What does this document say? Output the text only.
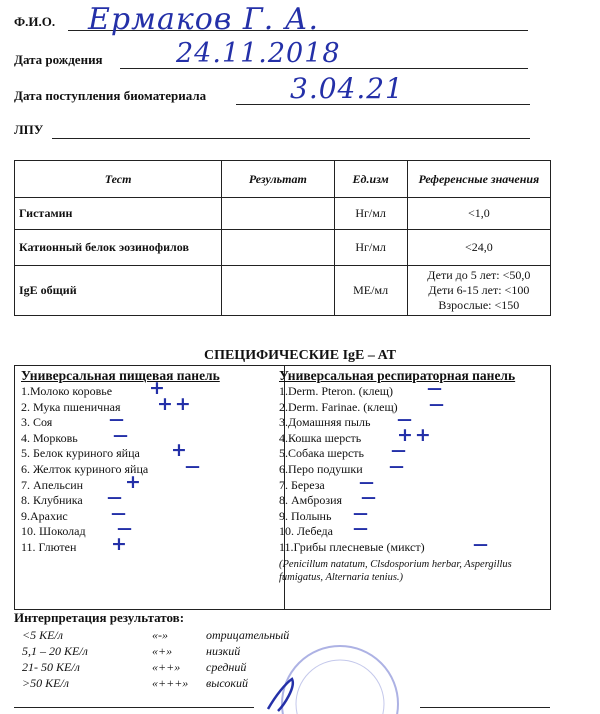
Ф.И.О. Ермаков Г. А.
Дата рождения	24.11.2018
Дата поступления биоматериала	3.04.21
ЛПУ
Тест	Результат	Ед.изм	Референсные значения
Гистамин		Нг/мл	<1,0
Катионный белок эозинофилов		Нг/мл	<24,0
IgE общий		МЕ/мл	Дети до 5 лет: <50,0
Дети 6-15 лет: <100
Взрослые: <150
СПЕЦИФИЧЕСКИЕ IgE – AT
Универсальная пищевая панель
1.Молоко коровье +
2. Мука пшеничная ++
3. Соя	—
4. Морковь —
5. Белок куриного яйца +
6. Желток куриного яйца —
7. Апельсин +
8. Клубника —
9.Арахис	—
10. Шоколад —
11. Глютен +
Универсальная респираторная панель
1.Derm. Pteron. (клещ) —
2.Derm. Farinae. (клещ) —
3.Домашняя пыль —
4.Кошка шерсть ++
5.Собака шерсть —
6.Перо подушки —
7. Береза —
8. Амброзия —
9. Полынь —
10. Лебеда —
11.Грибы плесневые (микст)	—
(Penicillum natatum, Clsdosporium herbar, Aspergillus fumigatus, Alternaria tenius.)
Интерпретация результатов:
<5 КЕ/л	«-»	отрицательный
5,1 – 20 КЕ/л	«+»	низкий
21- 50 КЕ/л	«++» средний
>50 КЕ/л	«+++» высокий
